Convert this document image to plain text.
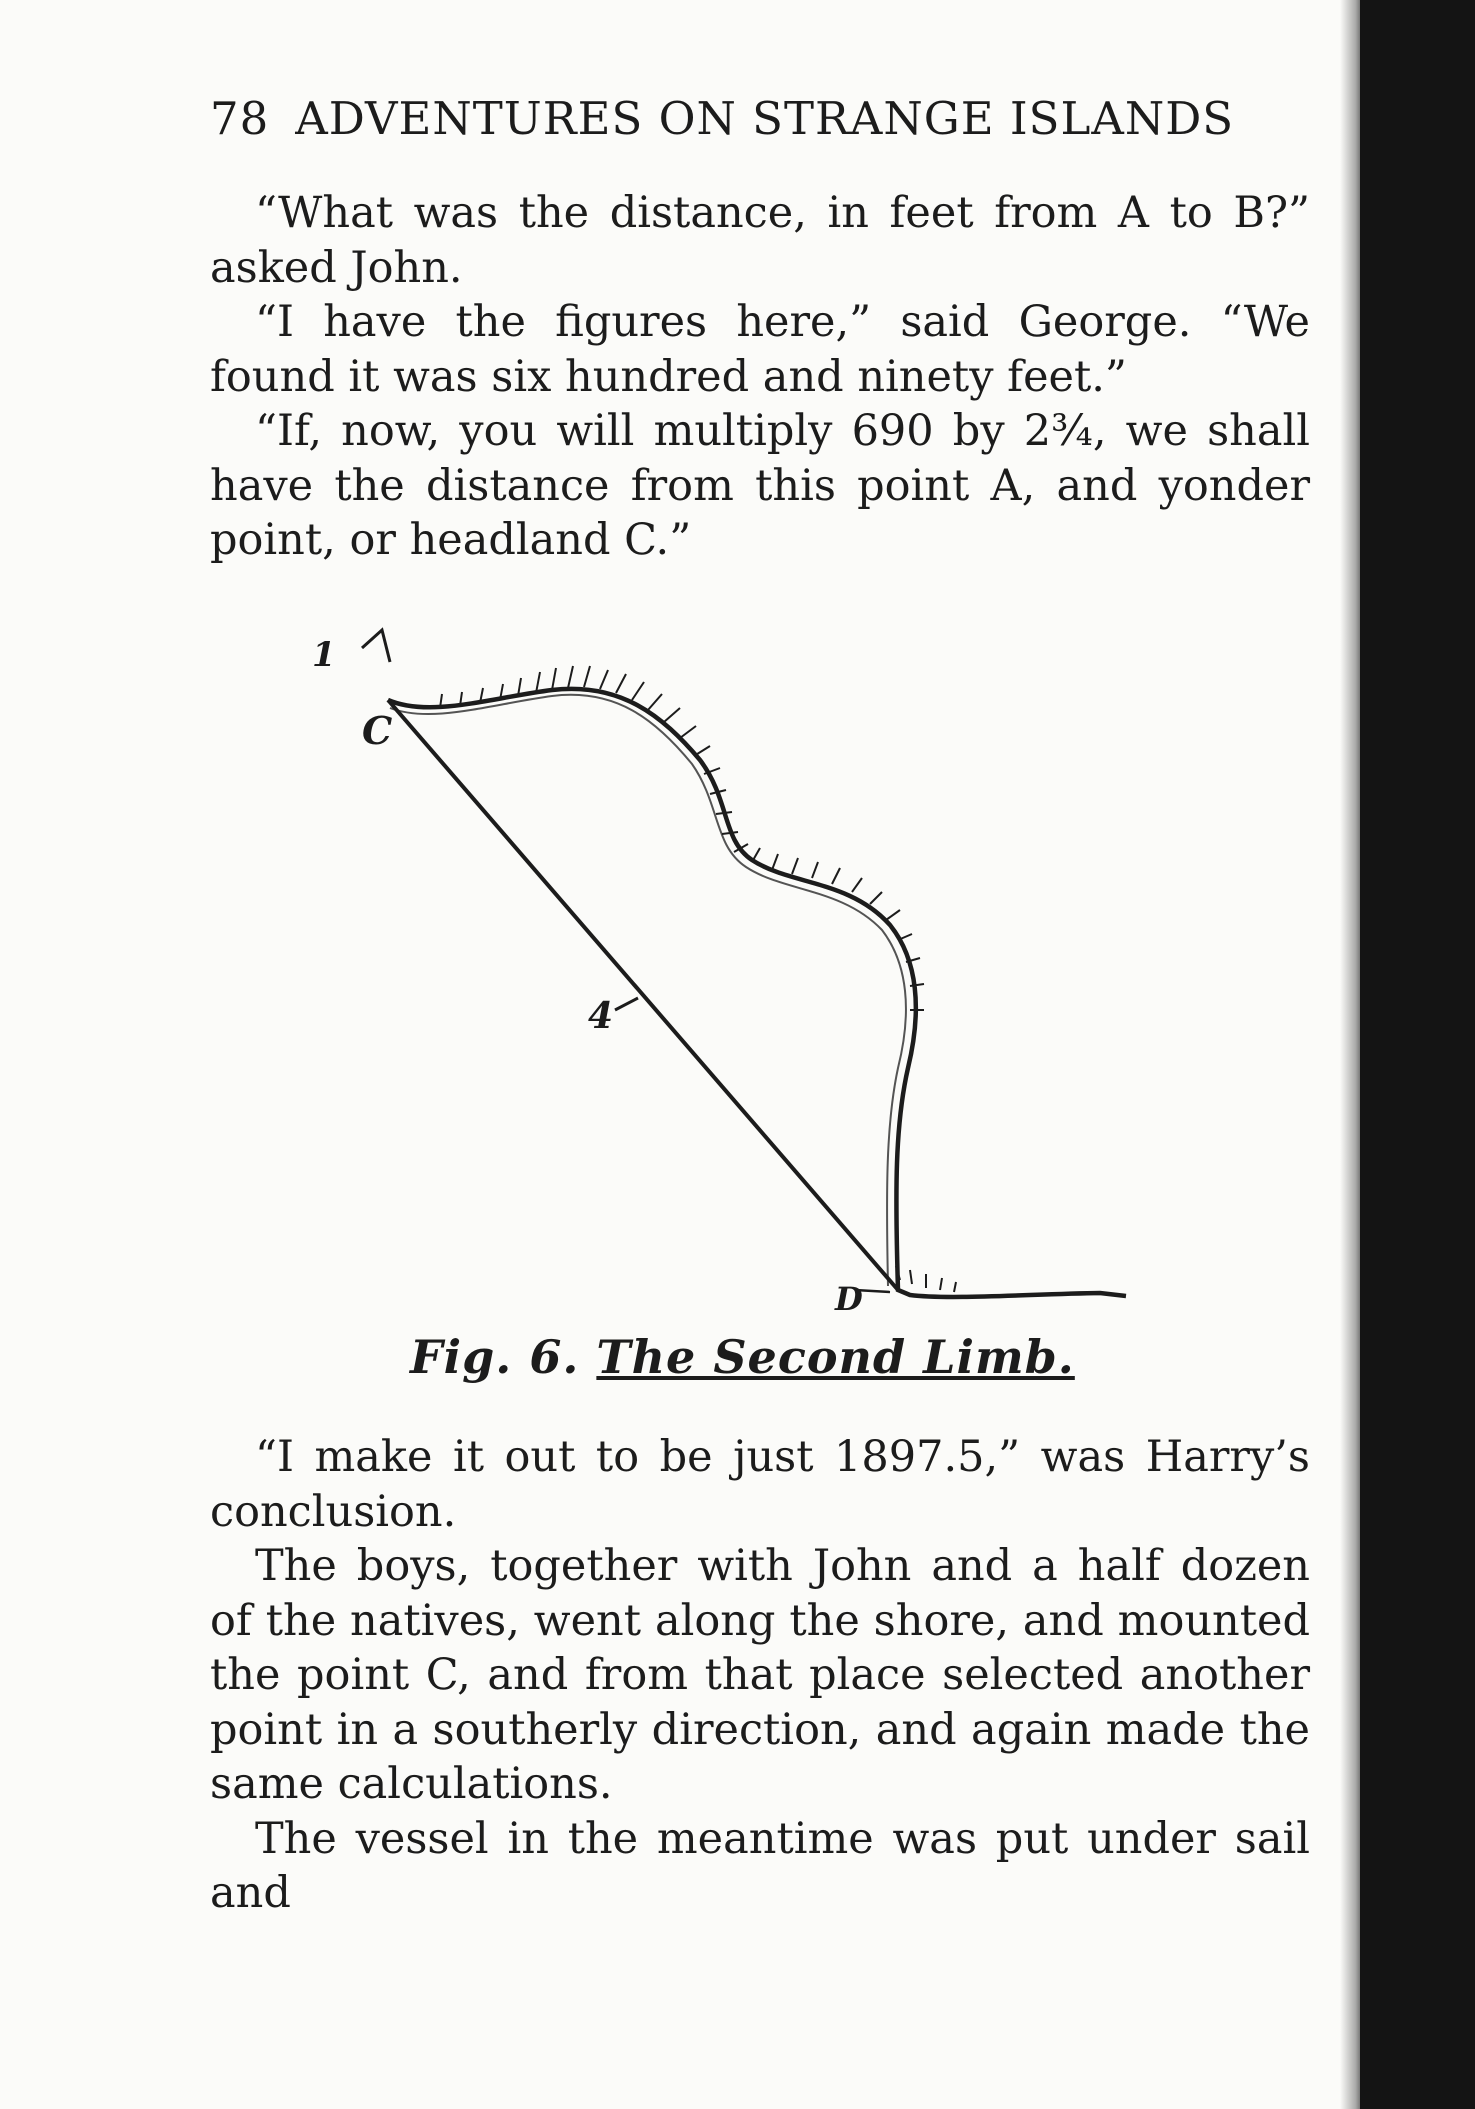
78 ADVENTURES ON STRANGE ISLANDS

“What was the distance, in feet from A to B?” asked John.

“I have the figures here,” said George. “We found it was six hundred and ninety feet.”

“If, now, you will multiply 690 by 2¾, we shall have the distance from this point A, and yonder point, or headland C.”

1
C
4
D
Fig. 6. The Second Limb.

“I make it out to be just 1897.5,” was Harry’s conclusion.

The boys, together with John and a half dozen of the natives, went along the shore, and mounted the point C, and from that place selected another point in a southerly direction, and again made the same calculations.

The vessel in the meantime was put under sail and
